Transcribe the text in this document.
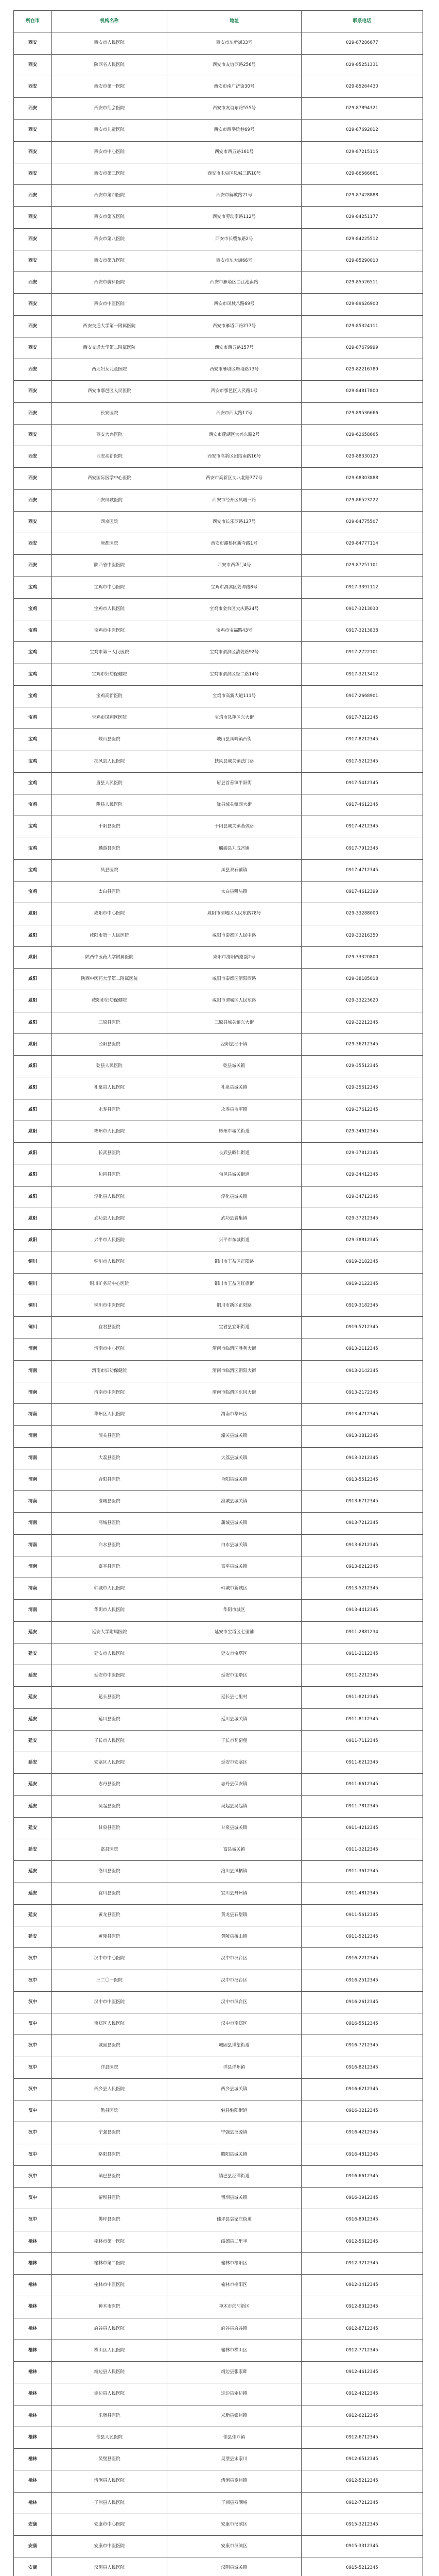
所在市	机构名称	地址	联系电话
西安	西安市人民医院	西安市东新街33号	029-87286677
西安	陕西省人民医院	西安市友谊西路256号	029-85251331
西安	西安市第一医院	西安市南广济街30号	029-85264430
西安	西安市红会医院	西安市友谊东路555号	029-87894321
西安	西安市儿童医院	西安市西举院巷69号	029-87692012
西安	西安市中心医院	西安市西五路161号	029-87215115
西安	西安市第三医院	西安市未央区凤城三路10号	029-86566661
西安	西安市第四医院	西安市解放路21号	029-87428888
西安	西安市第五医院	西安市劳动南路112号	029-84251177
西安	西安市第八医院	西安市长缨东路2号	029-84225512
西安	西安市第九医院	西安市东大街66号	029-85290010
西安	西安市胸科医院	西安市雁塔区曲江池南路	029-85526511
西安	西安市中医医院	西安市凤城八路69号	029-89626900
西安	西安交通大学第一附属医院	西安市雁塔西路277号	029-85324111
西安	西安交通大学第二附属医院	西安市西五路157号	029-87679999
西安	西北妇女儿童医院	西安市雁塔区雁塔路73号	029-82216789
西安	西安市鄠邑区人民医院	西安市鄠邑区人民路1号	029-84817800
西安	长安医院	西安市西太路17号	029-89536666
西安	西安大兴医院	西安市莲湖区大兴东路2号	029-62658665
西安	西安高新医院	西安市高新区团结南路16号	029-88330120
西安	西安国际医学中心医院	西安市高新区丈八北路777号	029-68303888
西安	西安凤城医院	西安市经开区凤城三路	029-86523222
西安	西京医院	西安市长乐西路127号	029-84775507
西安	唐都医院	西安市灞桥区新寺路1号	029-84777114
西安	陕西省中医医院	西安市西华门4号	029-87251101
宝鸡	宝鸡市中心医院	宝鸡市渭滨区姜谭路8号	0917-3391112
宝鸡	宝鸡市人民医院	宝鸡市金台区大庆路24号	0917-3213030
宝鸡	宝鸡市中医医院	宝鸡市宝福路43号	0917-3213838
宝鸡	宝鸡市第三人民医院	宝鸡市渭滨区清姜路92号	0917-2722101
宝鸡	宝鸡市妇幼保健院	宝鸡市渭滨区经二路14号	0917-3213412
宝鸡	宝鸡高新医院	宝鸡市高新大道111号	0917-2668901
宝鸡	宝鸡市凤翔区医院	宝鸡市凤翔区东大街	0917-7212345
宝鸡	岐山县医院	岐山县凤鸣镇西街	0917-8212345
宝鸡	扶风县人民医院	扶风县城关镇法门路	0917-5212345
宝鸡	眉县人民医院	眉县首善镇平阳街	0917-5412345
宝鸡	陇县人民医院	陇县城关镇西大街	0917-4612345
宝鸡	千阳县医院	千阳县城关镇燕伋路	0917-4212345
宝鸡	麟游县医院	麟游县九成宫镇	0917-7912345
宝鸡	凤县医院	凤县双石铺镇	0917-4712345
宝鸡	太白县医院	太白县咀头镇	0917-4612399
咸阳	咸阳市中心医院	咸阳市渭城区人民东路78号	029-33288000
咸阳	咸阳市第一人民医院	咸阳市秦都区人民中路	029-33216350
咸阳	陕西中医药大学附属医院	咸阳市渭阳西路副2号	029-33320800
咸阳	陕西中医药大学第二附属医院	咸阳市秦都区渭阳西路	029-38185018
咸阳	咸阳市妇幼保健院	咸阳市渭城区人民东路	029-33223620
咸阳	三原县医院	三原县城关镇东大街	029-32212345
咸阳	泾阳县医院	泾阳县泾干镇	029-36212345
咸阳	乾县人民医院	乾县城关镇	029-35512345
咸阳	礼泉县人民医院	礼泉县城关镇	029-35612345
咸阳	永寿县医院	永寿县监军镇	029-37612345
咸阳	彬州市人民医院	彬州市城关街道	029-34612345
咸阳	长武县医院	长武县昭仁街道	029-37812345
咸阳	旬邑县医院	旬邑县城关街道	029-34412345
咸阳	淳化县人民医院	淳化县城关镇	029-34712345
咸阳	武功县人民医院	武功县普集镇	029-37212345
咸阳	兴平市人民医院	兴平市东城街道	029-38812345
铜川	铜川市人民医院	铜川市王益区正阳路	0919-2182345
铜川	铜川矿务局中心医院	铜川市王益区红旗街	0919-2122345
铜川	铜川市中医医院	铜川市新区正阳路	0919-3182345
铜川	宜君县医院	宜君县宜阳街道	0919-5212345
渭南	渭南市中心医院	渭南市临渭区胜利大街	0913-2112345
渭南	渭南市妇幼保健院	渭南市临渭区朝阳大街	0913-2142345
渭南	渭南市中医医院	渭南市临渭区东风大街	0913-2172345
渭南	华州区人民医院	渭南市华州区	0913-4712345
渭南	潼关县医院	潼关县城关镇	0913-3812345
渭南	大荔县医院	大荔县城关镇	0913-3212345
渭南	合阳县医院	合阳县城关镇	0913-5512345
渭南	澄城县医院	澄城县城关镇	0913-6712345
渭南	蒲城县医院	蒲城县城关镇	0913-7212345
渭南	白水县医院	白水县城关镇	0913-6212345
渭南	富平县医院	富平县城关镇	0913-8212345
渭南	韩城市人民医院	韩城市新城区	0913-5212345
渭南	华阴市人民医院	华阴市城区	0913-4412345
延安	延安大学附属医院	延安市宝塔区七里铺	0911-2881234
延安	延安市人民医院	延安市宝塔区	0911-2112345
延安	延安市中医医院	延安市宝塔区	0911-2212345
延安	延长县医院	延长县七里村	0911-8212345
延安	延川县医院	延川县城关镇	0911-8112345
延安	子长市人民医院	子长市瓦窑堡	0911-7112345
延安	安塞区人民医院	延安市安塞区	0911-6212345
延安	志丹县医院	志丹县保安镇	0911-6612345
延安	吴起县医院	吴起县吴起镇	0911-7812345
延安	甘泉县医院	甘泉县城关镇	0911-4212345
延安	富县医院	富县城关镇	0911-3212345
延安	洛川县医院	洛川县凤栖镇	0911-3612345
延安	宜川县医院	宜川县丹州镇	0911-4812345
延安	黄龙县医院	黄龙县石堡镇	0911-5612345
延安	黄陵县医院	黄陵县桥山镇	0911-5212345
汉中	汉中市中心医院	汉中市汉台区	0916-2212345
汉中	三二〇一医院	汉中市汉台区	0916-2512345
汉中	汉中市中医医院	汉中市汉台区	0916-2612345
汉中	南郑区人民医院	汉中市南郑区	0916-5512345
汉中	城固县医院	城固县博望街道	0916-7212345
汉中	洋县医院	洋县洋州镇	0916-8212345
汉中	西乡县人民医院	西乡县城关镇	0916-6212345
汉中	勉县医院	勉县勉阳街道	0916-3212345
汉中	宁强县医院	宁强县汉源镇	0916-4212345
汉中	略阳县医院	略阳县城关镇	0916-4812345
汉中	镇巴县医院	镇巴县泾洋街道	0916-6612345
汉中	留坝县医院	留坝县城关镇	0916-3912345
汉中	佛坪县医院	佛坪县袁家庄街道	0916-8912345
榆林	榆林市第一医院	绥德县二里半	0912-5612345
榆林	榆林市第二医院	榆林市榆阳区	0912-3212345
榆林	榆林市中医医院	榆林市榆阳区	0912-3412345
榆林	神木市医院	神木市滨河新区	0912-8312345
榆林	府谷县人民医院	府谷县府谷镇	0912-8712345
榆林	横山区人民医院	榆林市横山区	0912-7712345
榆林	靖边县人民医院	靖边县张家畔	0912-4612345
榆林	定边县人民医院	定边县定边镇	0912-4212345
榆林	米脂县医院	米脂县银州镇	0912-6212345
榆林	佳县人民医院	佳县佳芦镇	0912-6712345
榆林	吴堡县医院	吴堡县宋家川	0912-6512345
榆林	清涧县人民医院	清涧县宽州镇	0912-5212345
榆林	子洲县人民医院	子洲县双湖峪	0912-7212345
安康	安康市中心医院	安康市汉滨区	0915-3212345
安康	安康市中医医院	安康市汉滨区	0915-3312345
安康	汉阴县人民医院	汉阴县城关镇	0915-5212345
